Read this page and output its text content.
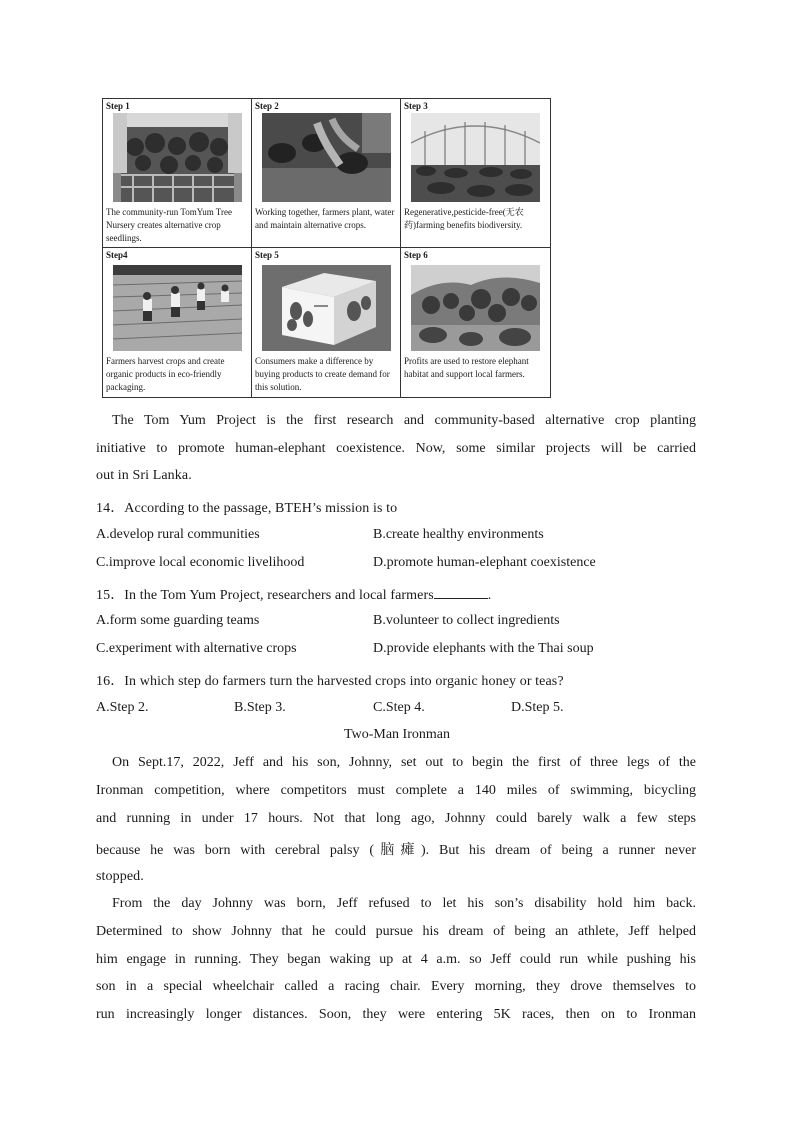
Step 1
The community-run TomYum Tree Nursery creates alternative crop seedlings.
Step 2
Working together, farmers plant, water and maintain alternative crops.
Step 3
Regenerative,pesticide-free(无农药)farming benefits biodiversity.
Step4
Farmers harvest crops and create organic products in eco-friendly packaging.
Step 5
Consumers make a difference by buying products to create demand for this solution.
Step 6
Profits are used to restore elephant habitat and support local farmers.
The Tom Yum Project is the first research and community-based alternative crop planting
initiative to promote human-elephant coexistence. Now, some similar projects will be carried
out in Sri Lanka.
14．According to the passage, BTEH’s mission is to
A.develop rural communities	B.create healthy environments
C.improve local economic livelihood	D.promote human-elephant coexistence
15．In the Tom Yum Project, researchers and local farmers	.
A.form some guarding teams	B.volunteer to collect ingredients
C.experiment with alternative crops	D.provide elephants with the Thai soup
16．In which step do farmers turn the harvested crops into organic honey or teas?
A.Step 2.	B.Step 3.	C.Step 4.	D.Step 5.
Two-Man Ironman
On Sept.17, 2022, Jeff and his son, Johnny, set out to begin the first of three legs of the
Ironman competition, where competitors must complete a 140 miles of swimming, bicycling
and running in under 17 hours. Not that long ago, Johnny could barely walk a few steps
because he was born with cerebral palsy (脑瘫). But his dream of being a runner never
stopped.
From the day Johnny was born, Jeff refused to let his son’s disability hold him back.
Determined to show Johnny that he could pursue his dream of being an athlete, Jeff helped
him engage in running. They began waking up at 4 a.m. so Jeff could run while pushing his
son in a special wheelchair called a racing chair. Every morning, they drove themselves to
run increasingly longer distances. Soon, they were entering 5K races, then on to Ironman
